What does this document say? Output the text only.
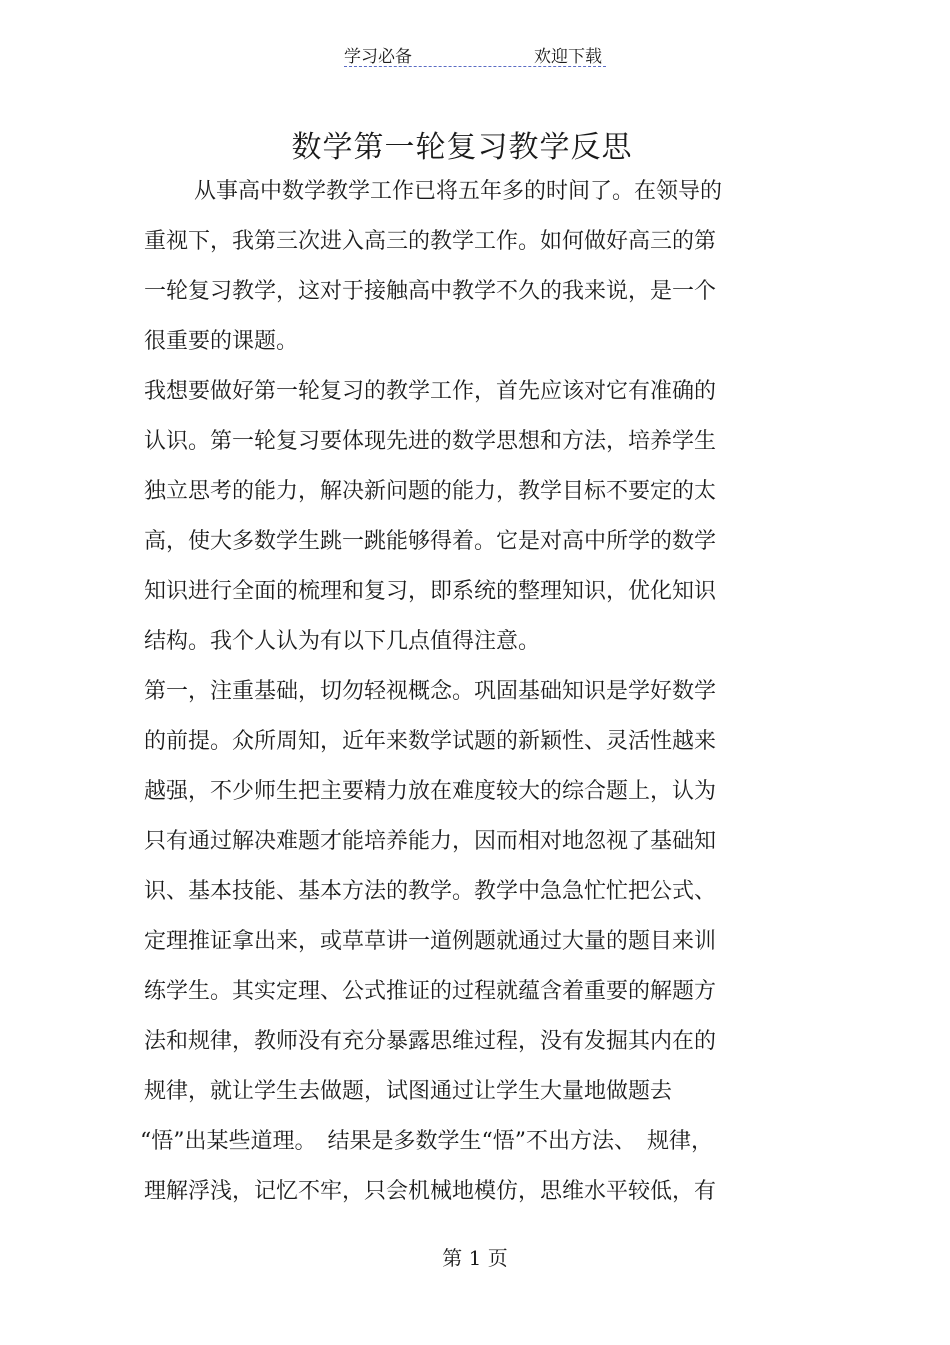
学习必备	欢迎下载
数学第一轮复习教学反思
从事高中数学教学工作已将五年多的时间了。在领导的
重视下，我第三次进入高三的教学工作。如何做好高三的第
一轮复习教学，这对于接触高中教学不久的我来说，是一个
很重要的课题。
我想要做好第一轮复习的教学工作，首先应该对它有准确的
认识。第一轮复习要体现先进的数学思想和方法，培养学生
独立思考的能力，解决新问题的能力，教学目标不要定的太
高，使大多数学生跳一跳能够得着。它是对高中所学的数学
知识进行全面的梳理和复习，即系统的整理知识，优化知识
结构。我个人认为有以下几点值得注意。
第一，注重基础，切勿轻视概念。巩固基础知识是学好数学
的前提。众所周知，近年来数学试题的新颖性、灵活性越来
越强，不少师生把主要精力放在难度较大的综合题上，认为
只有通过解决难题才能培养能力，因而相对地忽视了基础知
识、基本技能、基本方法的教学。教学中急急忙忙把公式、
定理推证拿出来，或草草讲一道例题就通过大量的题目来训
练学生。其实定理、公式推证的过程就蕴含着重要的解题方
法和规律，教师没有充分暴露思维过程，没有发掘其内在的
规律，就让学生去做题，试图通过让学生大量地做题去
“悟”出某些道理。　结果是多数学生“悟”不出方法、　规律，
理解浮浅，记忆不牢，只会机械地模仿，思维水平较低，有
第 1 页
